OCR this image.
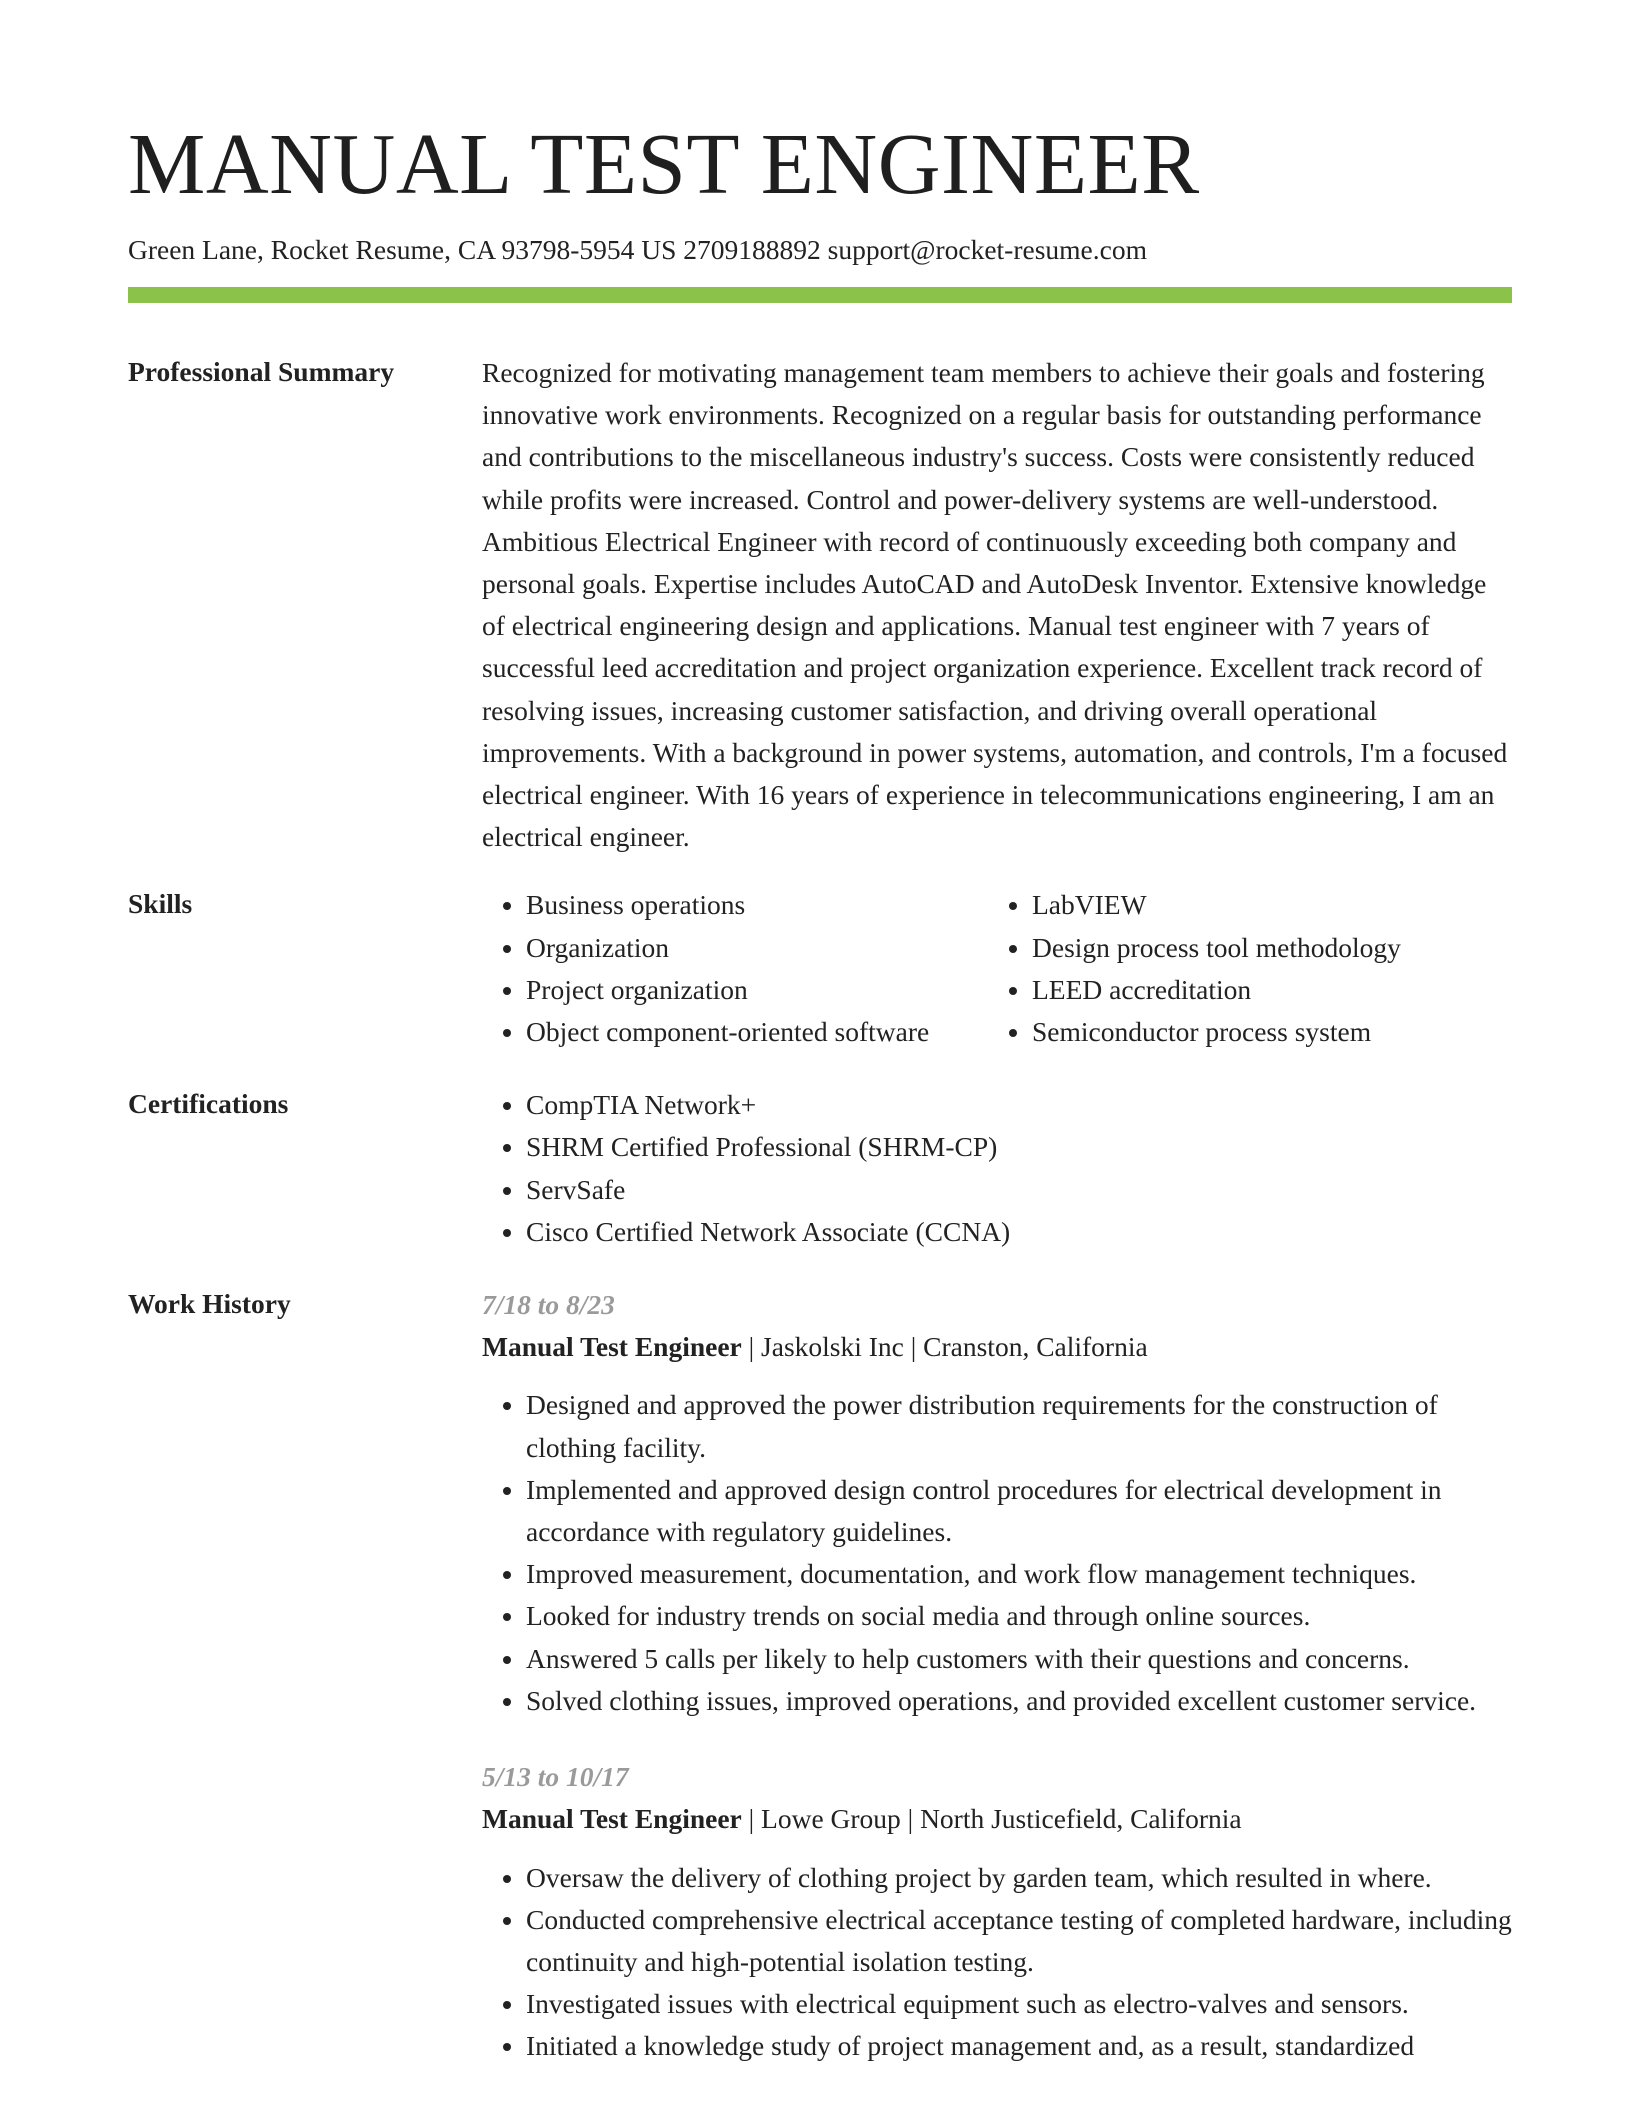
MANUAL TEST ENGINEER
Green Lane, Rocket Resume, CA 93798-5954 US 2709188892 support@rocket-resume.com
Professional Summary	Recognized for motivating management team members to achieve their goals and fostering innovative work environments. Recognized on a regular basis for outstanding performance and contributions to the miscellaneous industry's success. Costs were consistently reduced while profits were increased. Control and power-delivery systems are well-understood. Ambitious Electrical Engineer with record of continuously exceeding both company and personal goals. Expertise includes AutoCAD and AutoDesk Inventor. Extensive knowledge of electrical engineering design and applications. Manual test engineer with 7 years of successful leed accreditation and project organization experience. Excellent track record of resolving issues, increasing customer satisfaction, and driving overall operational improvements. With a background in power systems, automation, and controls, I'm a focused electrical engineer. With 16 years of experience in telecommunications engineering, I am an electrical engineer.

Skills	• Business operations
• Organization
• Project organization
• Object component-oriented software
• LabVIEW
• Design process tool methodology
• LEED accreditation
• Semiconductor process system
Certifications	• CompTIA Network+
• SHRM Certified Professional (SHRM-CP)
• ServSafe
• Cisco Certified Network Associate (CCNA)
Work History	7/18 to 8/23
Manual Test Engineer | Jaskolski Inc | Cranston, California
• Designed and approved the power distribution requirements for the construction of clothing facility.
• Implemented and approved design control procedures for electrical development in accordance with regulatory guidelines.
• Improved measurement, documentation, and work flow management techniques.
• Looked for industry trends on social media and through online sources.
• Answered 5 calls per likely to help customers with their questions and concerns.
• Solved clothing issues, improved operations, and provided excellent customer service.
5/13 to 10/17
Manual Test Engineer | Lowe Group | North Justicefield, California
• Oversaw the delivery of clothing project by garden team, which resulted in where.
• Conducted comprehensive electrical acceptance testing of completed hardware, including continuity and high-potential isolation testing.
• Investigated issues with electrical equipment such as electro-valves and sensors.
• Initiated a knowledge study of project management and, as a result, standardized
